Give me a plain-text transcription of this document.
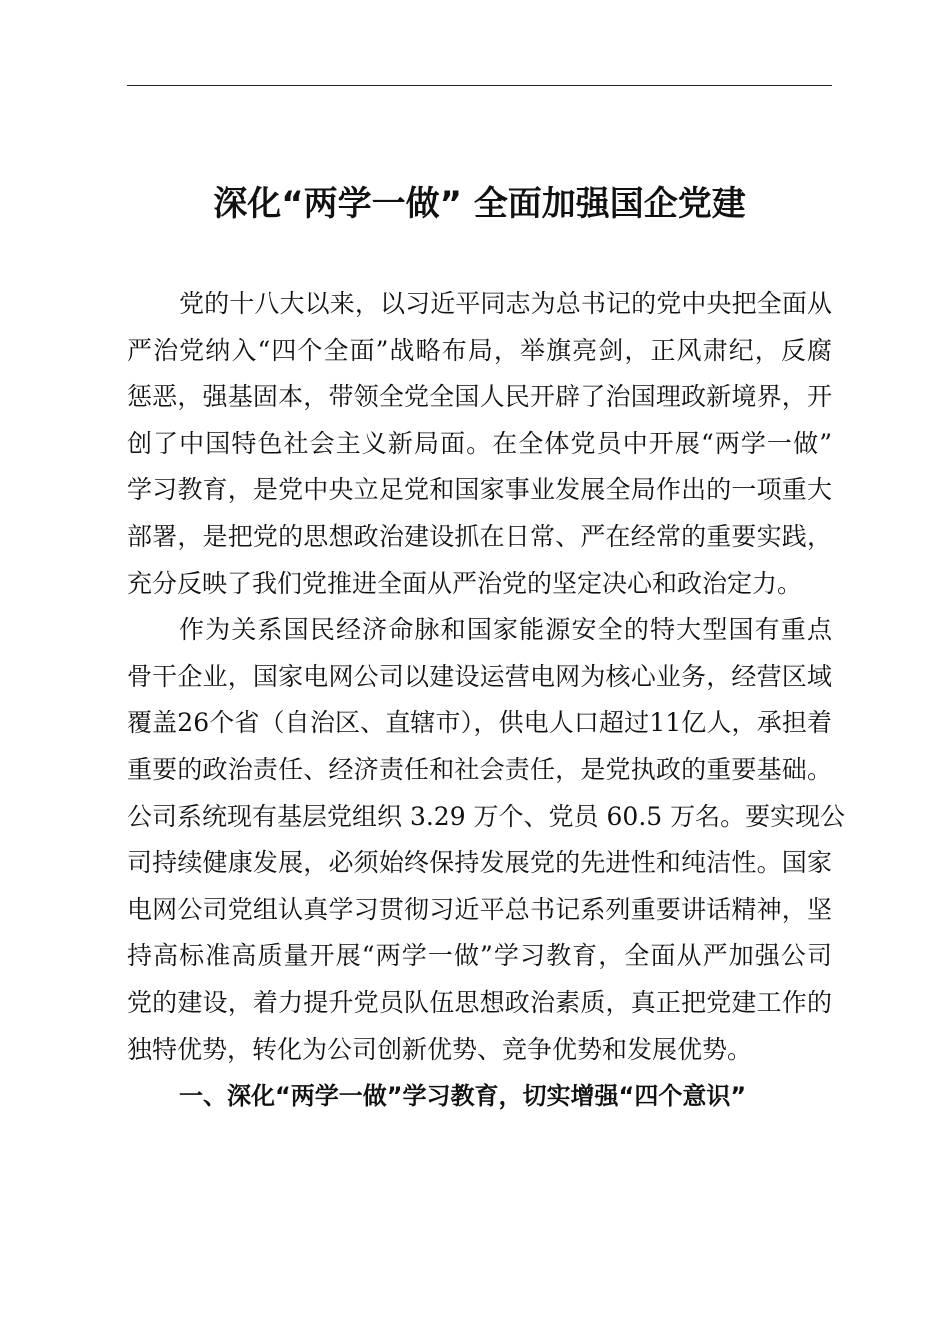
深化“两学一做” 全面加强国企党建
党的十八大以来，以习近平同志为总书记的党中央把全面从
严治党纳入“四个全面”战略布局，举旗亮剑，正风肃纪，反腐
惩恶，强基固本，带领全党全国人民开辟了治国理政新境界，开
创了中国特色社会主义新局面。在全体党员中开展“两学一做”
学习教育，是党中央立足党和国家事业发展全局作出的一项重大
部署，是把党的思想政治建设抓在日常、严在经常的重要实践，
充分反映了我们党推进全面从严治党的坚定决心和政治定力。
作为关系国民经济命脉和国家能源安全的特大型国有重点
骨干企业，国家电网公司以建设运营电网为核心业务，经营区域
覆盖26个省（自治区、直辖市），供电人口超过11亿人，承担着
重要的政治责任、经济责任和社会责任，是党执政的重要基础。
公司系统现有基层党组织 3.29 万个、党员 60.5 万名。要实现公
司持续健康发展，必须始终保持发展党的先进性和纯洁性。国家
电网公司党组认真学习贯彻习近平总书记系列重要讲话精神，坚
持高标准高质量开展“两学一做”学习教育，全面从严加强公司
党的建设，着力提升党员队伍思想政治素质，真正把党建工作的
独特优势，转化为公司创新优势、竞争优势和发展优势。
一、深化“两学一做”学习教育，切实增强“四个意识”
